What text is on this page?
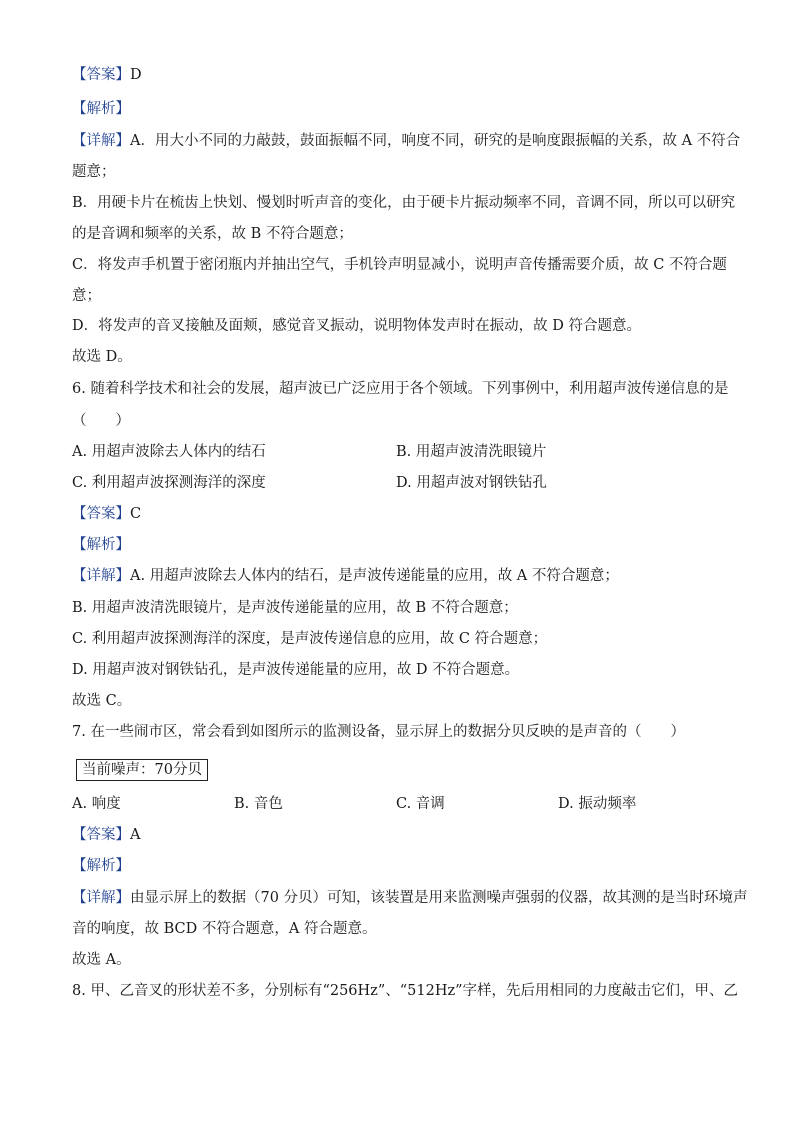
【答案】D
【解析】
【详解】A．用大小不同的力敲鼓，鼓面振幅不同，响度不同，研究的是响度跟振幅的关系，故 A 不符合
题意；
B．用硬卡片在梳齿上快划、慢划时听声音的变化，由于硬卡片振动频率不同，音调不同，所以可以研究
的是音调和频率的关系，故 B 不符合题意；
C．将发声手机置于密闭瓶内并抽出空气，手机铃声明显减小，说明声音传播需要介质，故 C 不符合题
意；
D．将发声的音叉接触及面颊，感觉音叉振动，说明物体发声时在振动，故 D 符合题意。
故选 D。
6. 随着科学技术和社会的发展，超声波已广泛应用于各个领域。下列事例中，利用超声波传递信息的是
（　　）
A. 用超声波除去人体内的结石	B. 用超声波清洗眼镜片
C. 利用超声波探测海洋的深度	D. 用超声波对钢铁钻孔
【答案】C
【解析】
【详解】A. 用超声波除去人体内的结石，是声波传递能量的应用，故 A 不符合题意；
B. 用超声波清洗眼镜片，是声波传递能量的应用，故 B 不符合题意；
C. 利用超声波探测海洋的深度，是声波传递信息的应用，故 C 符合题意；
D. 用超声波对钢铁钻孔，是声波传递能量的应用，故 D 不符合题意。
故选 C。
7. 在一些闹市区，常会看到如图所示的监测设备，显示屏上的数据分贝反映的是声音的（　　）
当前噪声：70分贝
A. 响度	B. 音色	C. 音调	D. 振动频率
【答案】A
【解析】
【详解】由显示屏上的数据（70 分贝）可知，该装置是用来监测噪声强弱的仪器，故其测的是当时环境声
音的响度，故 BCD 不符合题意，A 符合题意。
故选 A。
8. 甲、乙音叉的形状差不多，分别标有“256Hz”、“512Hz”字样，先后用相同的力度敲击它们，甲、乙
